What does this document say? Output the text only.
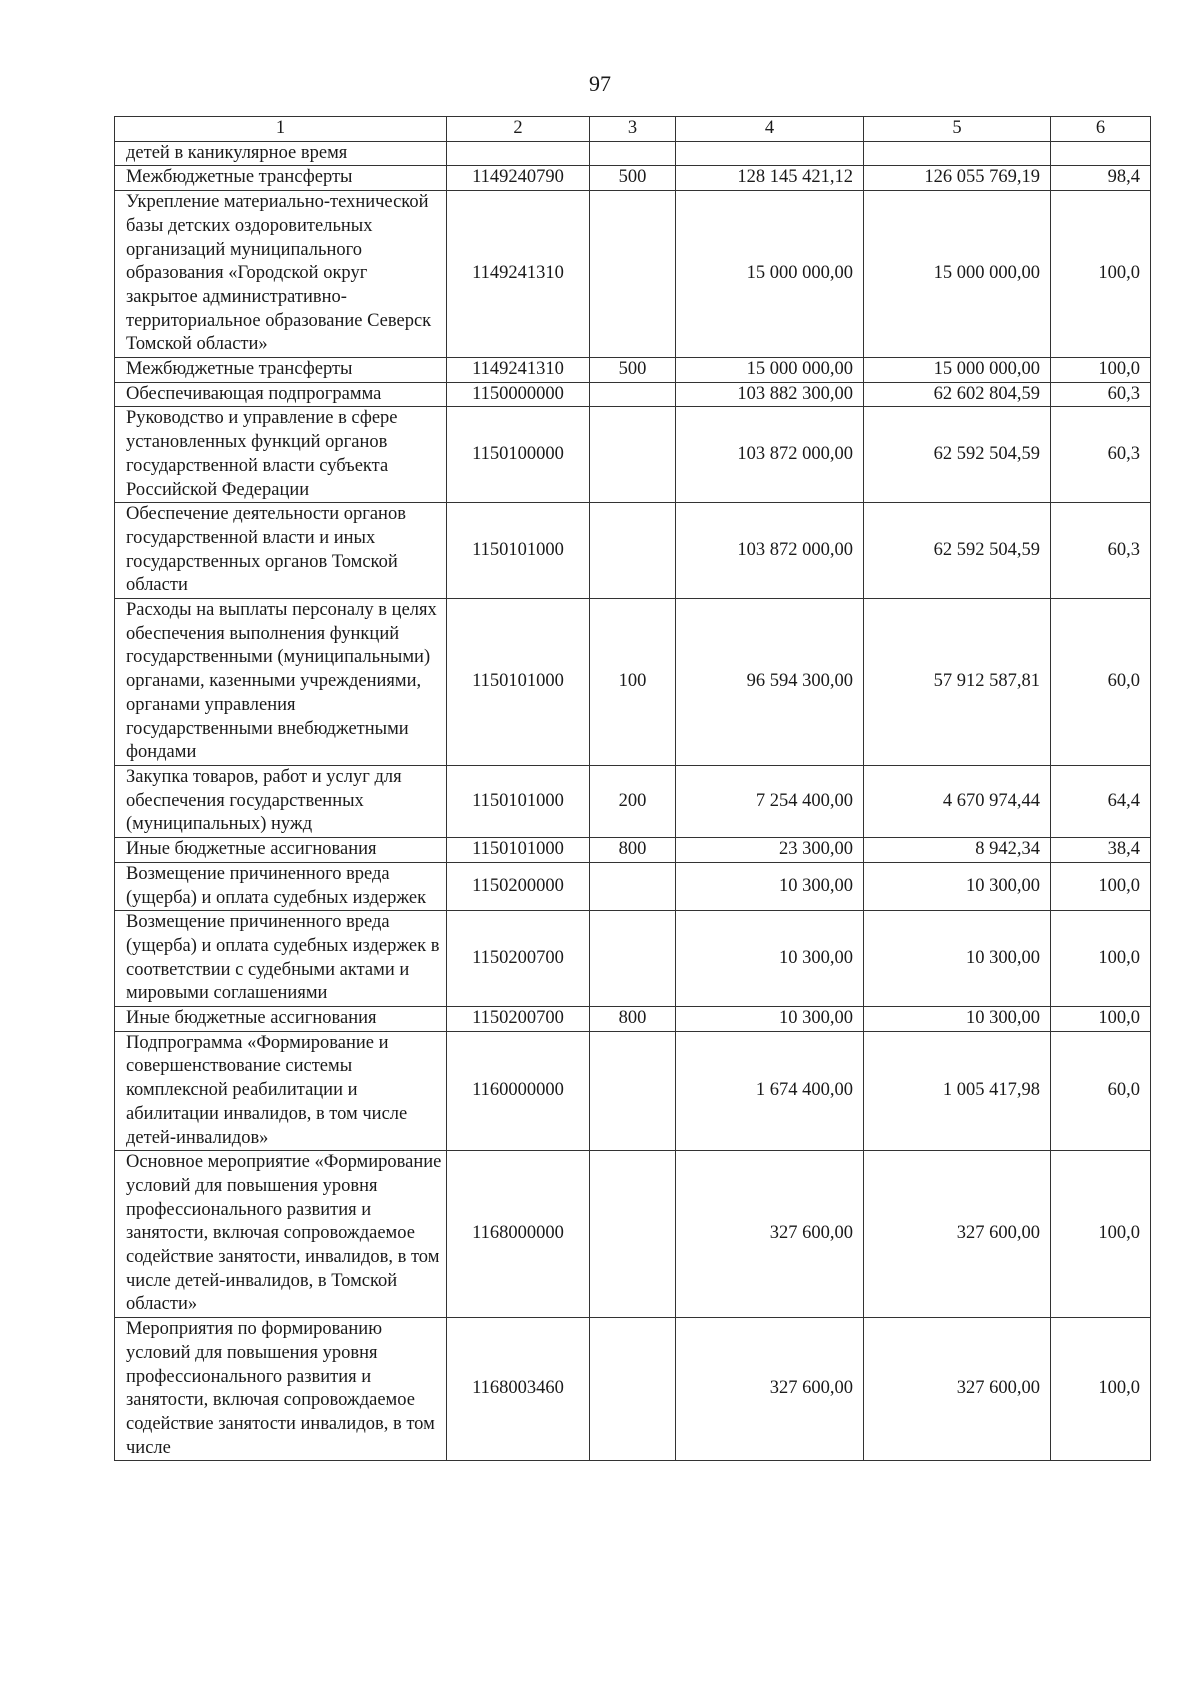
97
1	2	3	4	5	6
детей в каникулярное время					
Межбюджетные трансферты	1149240790	500	128 145 421,12	126 055 769,19	98,4
Укрепление материально-технической базы детских оздоровительных организаций муниципального образования «Городской округ закрытое административно-территориальное образование Северск Томской области»	1149241310		15 000 000,00	15 000 000,00	100,0
Межбюджетные трансферты	1149241310	500	15 000 000,00	15 000 000,00	100,0
Обеспечивающая подпрограмма	1150000000		103 882 300,00	62 602 804,59	60,3
Руководство и управление в сфере установленных функций органов государственной власти субъекта Российской Федерации	1150100000		103 872 000,00	62 592 504,59	60,3
Обеспечение деятельности органов государственной власти и иных государственных органов Томской области	1150101000		103 872 000,00	62 592 504,59	60,3
Расходы на выплаты персоналу в целях обеспечения выполнения функций государственными (муниципальными) органами, казенными учреждениями, органами управления государственными внебюджетными фондами	1150101000	100	96 594 300,00	57 912 587,81	60,0
Закупка товаров, работ и услуг для обеспечения государственных (муниципальных) нужд	1150101000	200	7 254 400,00	4 670 974,44	64,4
Иные бюджетные ассигнования	1150101000	800	23 300,00	8 942,34	38,4
Возмещение причиненного вреда (ущерба) и оплата судебных издержек	1150200000		10 300,00	10 300,00	100,0
Возмещение причиненного вреда (ущерба) и оплата судебных издержек в соответствии с судебными актами и мировыми соглашениями	1150200700		10 300,00	10 300,00	100,0
Иные бюджетные ассигнования	1150200700	800	10 300,00	10 300,00	100,0
Подпрограмма «Формирование и совершенствование системы комплексной реабилитации и абилитации инвалидов, в том числе детей-инвалидов»	1160000000		1 674 400,00	1 005 417,98	60,0
Основное мероприятие «Формирование условий для повышения уровня профессионального развития и занятости, включая сопровождаемое содействие занятости, инвалидов, в том числе детей-инвалидов, в Томской области»	1168000000		327 600,00	327 600,00	100,0
Мероприятия по формированию условий для повышения уровня профессионального развития и занятости, включая сопровождаемое содействие занятости инвалидов, в том числе	1168003460		327 600,00	327 600,00	100,0
